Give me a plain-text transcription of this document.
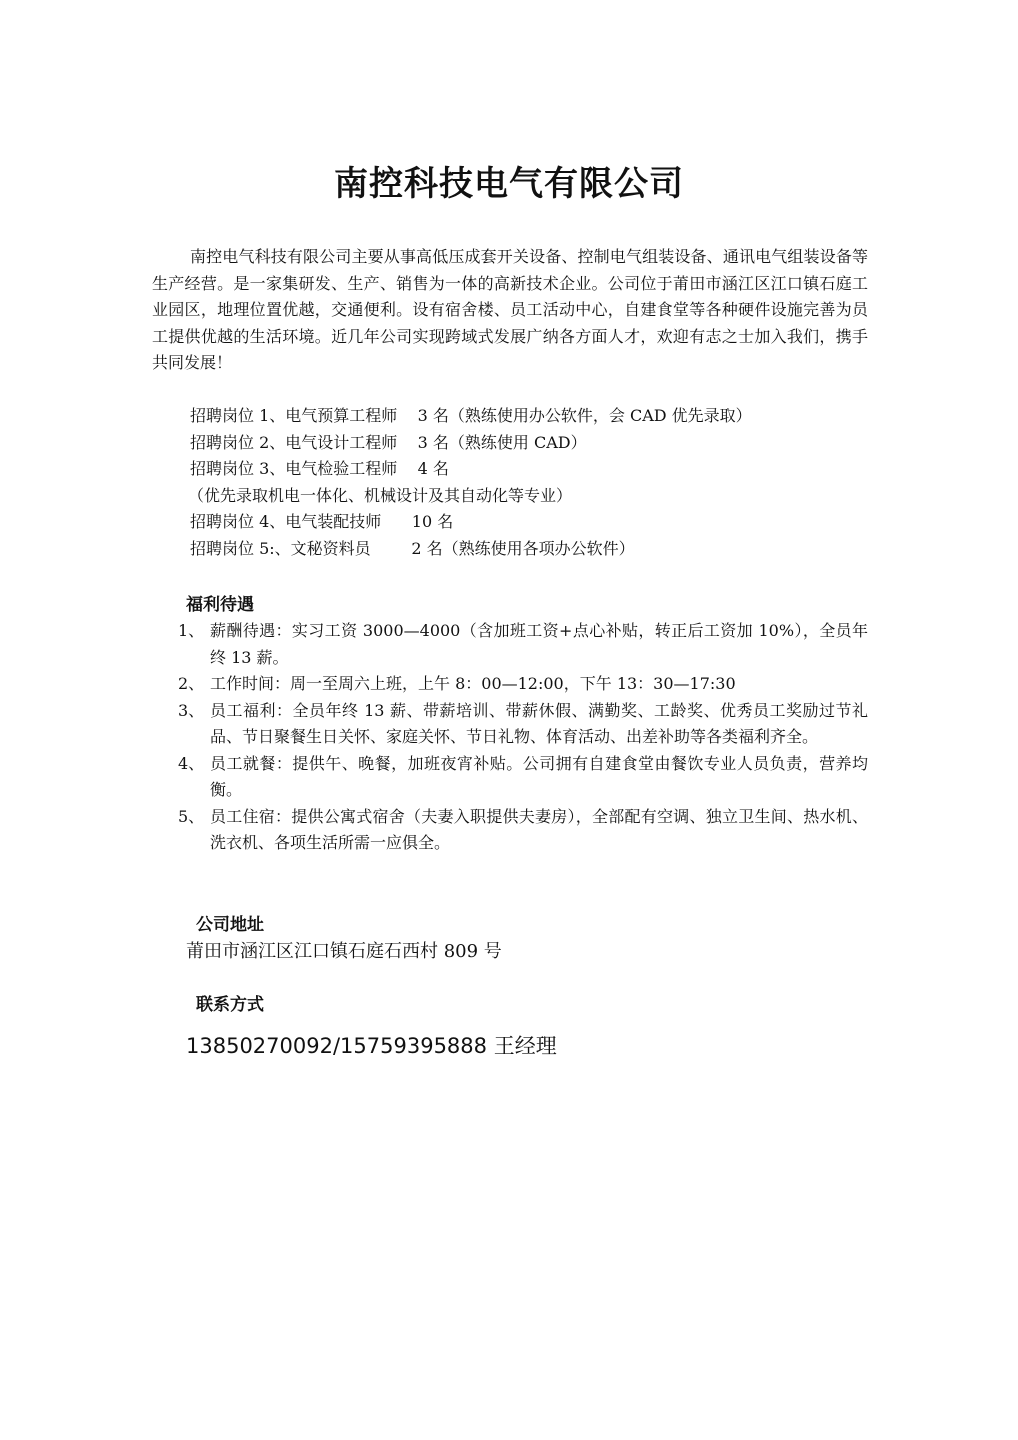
南控科技电气有限公司

南控电气科技有限公司主要从事高低压成套开关设备、控制电气组装设备、通讯电气组装设备等生产经营。是一家集研发、生产、销售为一体的高新技术企业。公司位于莆田市涵江区江口镇石庭工业园区，地理位置优越，交通便利。设有宿舍楼、员工活动中心，自建食堂等各种硬件设施完善为员工提供优越的生活环境。近几年公司实现跨域式发展广纳各方面人才，欢迎有志之士加入我们，携手共同发展！

招聘岗位 1、电气预算工程师    3 名（熟练使用办公软件，会 CAD 优先录取）
招聘岗位 2、电气设计工程师    3 名（熟练使用 CAD）
招聘岗位 3、电气检验工程师    4 名
（优先录取机电一体化、机械设计及其自动化等专业）
招聘岗位 4、电气装配技师      10 名
招聘岗位 5:、文秘资料员        2 名（熟练使用各项办公软件）
福利待遇
1、 薪酬待遇：实习工资 3000—4000（含加班工资+点心补贴，转正后工资加 10%），全员年终 13 薪。
2、 工作时间：周一至周六上班，上午 8：00—12:00，下午 13：30—17:30
3、 员工福利：全员年终 13 薪、带薪培训、带薪休假、满勤奖、工龄奖、优秀员工奖励过节礼品、节日聚餐生日关怀、家庭关怀、节日礼物、体育活动、出差补助等各类福利齐全。
4、 员工就餐：提供午、晚餐，加班夜宵补贴。公司拥有自建食堂由餐饮专业人员负责，营养均衡。
5、 员工住宿：提供公寓式宿舍（夫妻入职提供夫妻房），全部配有空调、独立卫生间、热水机、洗衣机、各项生活所需一应俱全。
公司地址
莆田市涵江区江口镇石庭石西村 809 号
联系方式
13850270092/15759395888 王经理
